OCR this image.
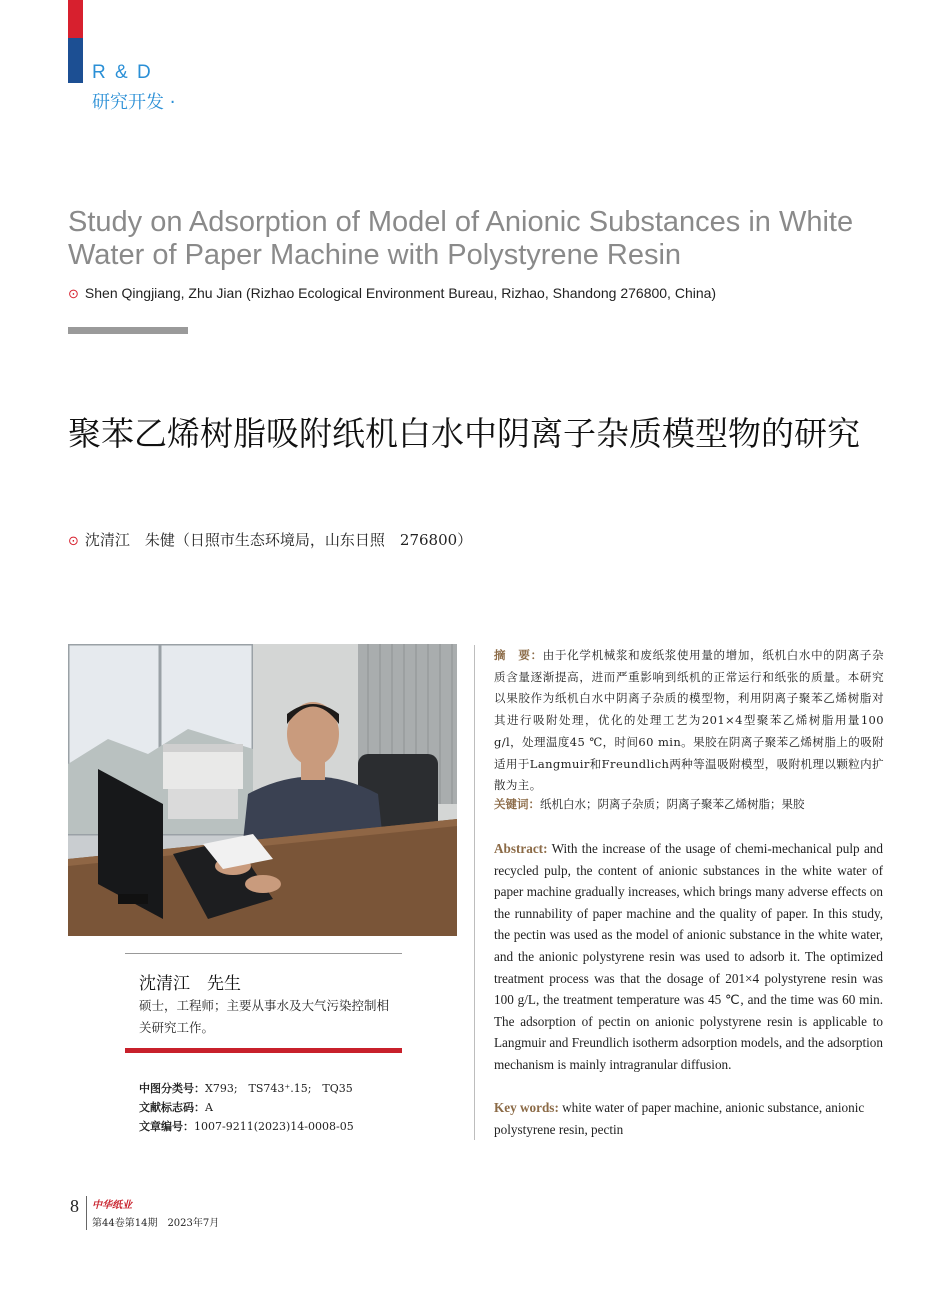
R & D
研究开发 ·
Study on Adsorption of Model of Anionic Substances in White Water of Paper Machine with Polystyrene Resin
⊙ Shen Qingjiang, Zhu Jian (Rizhao Ecological Environment Bureau, Rizhao, Shandong 276800, China)
聚苯乙烯树脂吸附纸机白水中阴离子杂质模型物的研究
⊙ 沈清江　朱健（日照市生态环境局，山东日照　276800）
沈清江　先生
硕士，工程师；主要从事水及大气污染控制相关研究工作。
中图分类号：X793;　TS743⁺.15;　TQ35
文献标志码：A
文章编号：1007-9211(2023)14-0008-05
摘　要：由于化学机械浆和废纸浆使用量的增加，纸机白水中的阴离子杂质含量逐渐提高，进而严重影响到纸机的正常运行和纸张的质量。本研究以果胶作为纸机白水中阴离子杂质的模型物，利用阴离子聚苯乙烯树脂对其进行吸附处理，优化的处理工艺为201×4型聚苯乙烯树脂用量100 g/l，处理温度45 ℃，时间60 min。果胶在阴离子聚苯乙烯树脂上的吸附适用于Langmuir和Freundlich两种等温吸附模型，吸附机理以颗粒内扩散为主。
关键词：纸机白水；阴离子杂质；阴离子聚苯乙烯树脂；果胶
Abstract: With the increase of the usage of chemi-mechanical pulp and recycled pulp, the content of anionic substances in the white water of paper machine gradually increases, which brings many adverse effects on the runnability of paper machine and the quality of paper. In this study, the pectin was used as the model of anionic substance in the white water, and the anionic polystyrene resin was used to adsorb it. The optimized treatment process was that the dosage of 201×4 polystyrene resin was 100 g/L, the treatment temperature was 45 ℃, and the time was 60 min. The adsorption of pectin on anionic polystyrene resin is applicable to Langmuir and Freundlich isotherm adsorption models, and the adsorption mechanism is mainly intragranular diffusion.
Key words: white water of paper machine, anionic substance, anionic polystyrene resin, pectin
8 中华纸业
第44卷第14期　2023年7月
